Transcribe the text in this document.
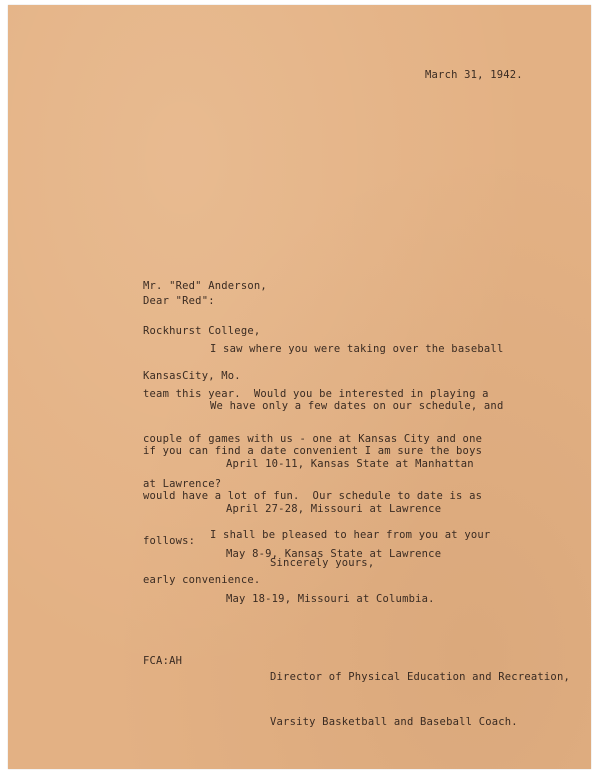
March 31, 1942.

Mr. "Red" Anderson,

Rockhurst College,

KansasCity, Mo.

Dear "Red":

I saw where you were taking over the baseball

team this year.  Would you be interested in playing a

couple of games with us - one at Kansas City and one

at Lawrence?

We have only a few dates on our schedule, and

if you can find a date convenient I am sure the boys

would have a lot of fun.  Our schedule to date is as

follows:

April 10-11, Kansas State at Manhattan

April 27-28, Missouri at Lawrence

May 8-9, Kansas State at Lawrence

May 18-19, Missouri at Columbia.

I shall be pleased to hear from you at your

early convenience.

Sincerely yours,

Director of Physical Education and Recreation,

Varsity Basketball and Baseball Coach.

FCA:AH
